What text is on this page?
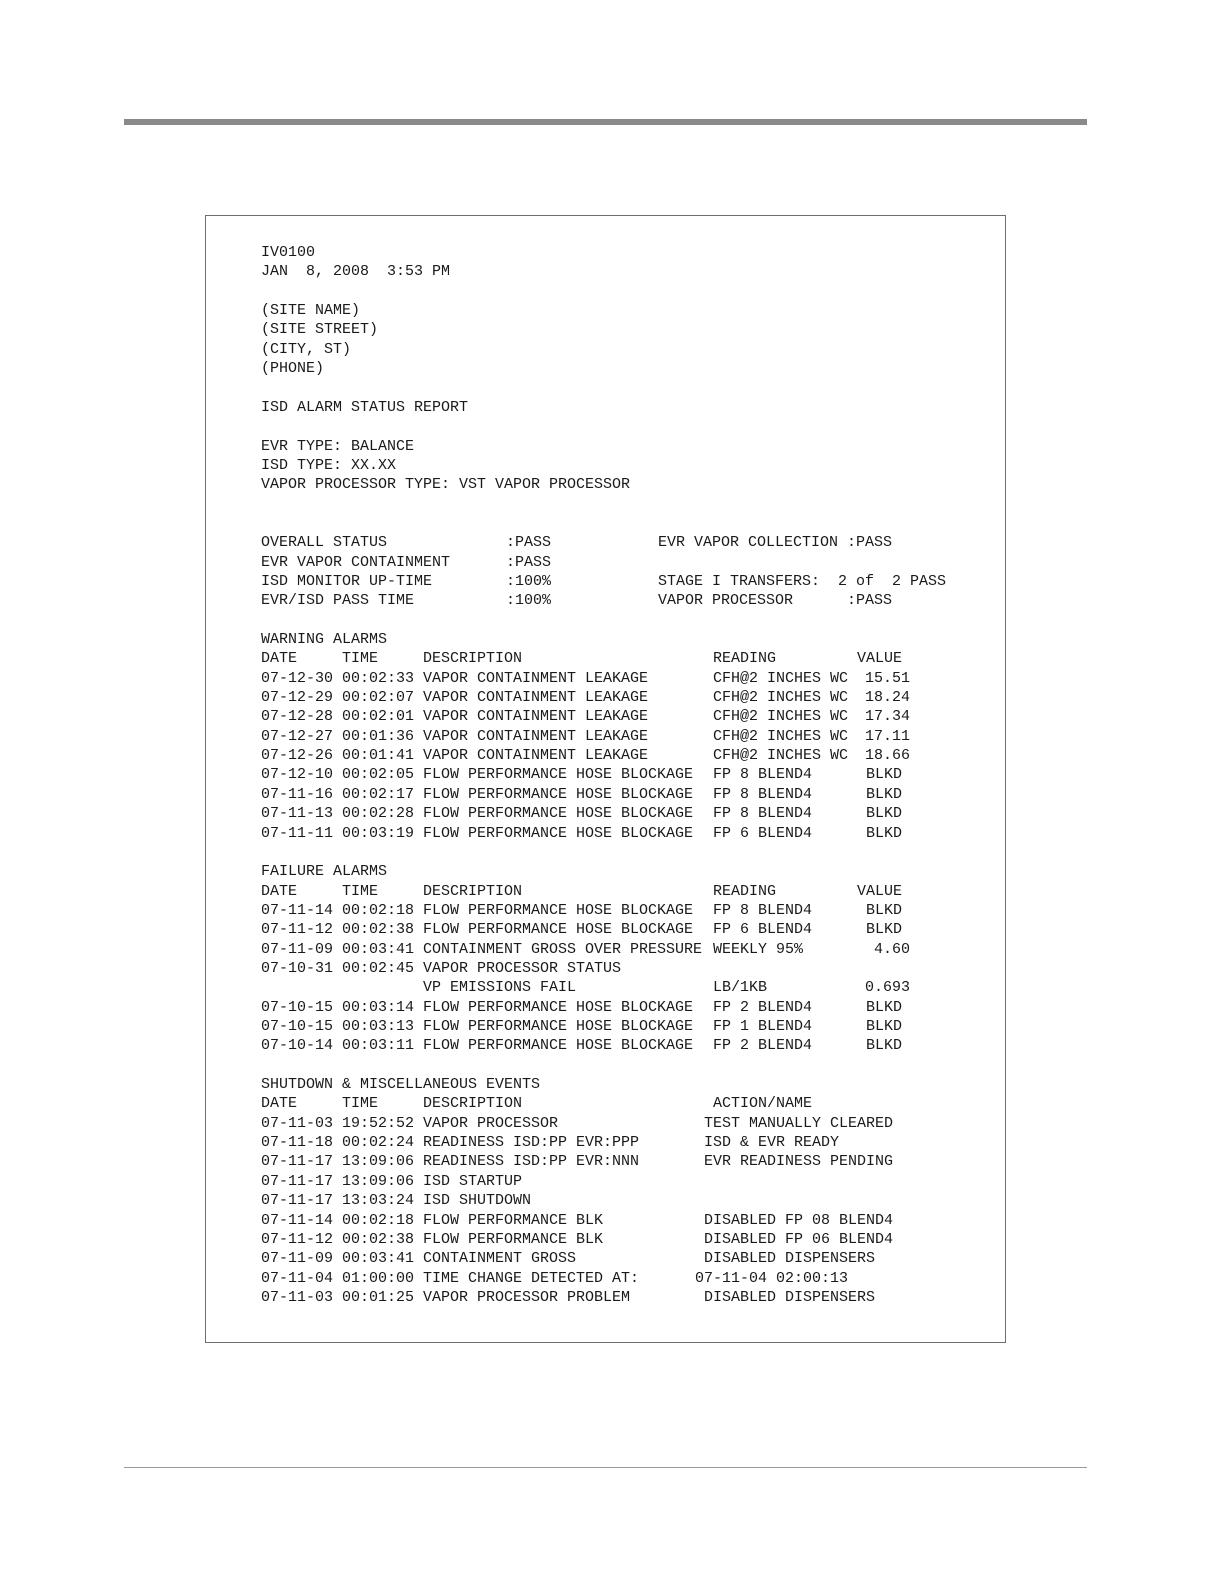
IV0100
JAN  8, 2008  3:53 PM
(SITE NAME)
(SITE STREET)
(CITY, ST)
(PHONE)
ISD ALARM STATUS REPORT
EVR TYPE: BALANCE
ISD TYPE: XX.XX
VAPOR PROCESSOR TYPE: VST VAPOR PROCESSOR
OVERALL STATUS	:PASS	EVR VAPOR COLLECTION :PASS
EVR VAPOR CONTAINMENT	:PASS
ISD MONITOR UP-TIME	:100%	STAGE I TRANSFERS:  2 of  2 PASS
EVR/ISD PASS TIME	:100%	VAPOR PROCESSOR      :PASS
WARNING ALARMS
DATE	TIME	DESCRIPTION	READING	VALUE
07-12-30 00:02:33 VAPOR CONTAINMENT LEAKAGE	CFH@2 INCHES WC 15.51
07-12-29 00:02:07 VAPOR CONTAINMENT LEAKAGE	CFH@2 INCHES WC 18.24
07-12-28 00:02:01 VAPOR CONTAINMENT LEAKAGE	CFH@2 INCHES WC 17.34
07-12-27 00:01:36 VAPOR CONTAINMENT LEAKAGE	CFH@2 INCHES WC 17.11
07-12-26 00:01:41 VAPOR CONTAINMENT LEAKAGE	CFH@2 INCHES WC 18.66
07-12-10 00:02:05 FLOW PERFORMANCE HOSE BLOCKAGE FP 8 BLEND4	BLKD
07-11-16 00:02:17 FLOW PERFORMANCE HOSE BLOCKAGE FP 8 BLEND4	BLKD
07-11-13 00:02:28 FLOW PERFORMANCE HOSE BLOCKAGE FP 8 BLEND4	BLKD
07-11-11 00:03:19 FLOW PERFORMANCE HOSE BLOCKAGE FP 6 BLEND4	BLKD
FAILURE ALARMS
DATE	TIME	DESCRIPTION	READING	VALUE
07-11-14 00:02:18 FLOW PERFORMANCE HOSE BLOCKAGE FP 8 BLEND4	BLKD
07-11-12 00:02:38 FLOW PERFORMANCE HOSE BLOCKAGE FP 6 BLEND4	BLKD
07-11-09 00:03:41 CONTAINMENT GROSS OVER PRESSURE WEEKLY 95%	4.60
07-10-31 00:02:45 VAPOR PROCESSOR STATUS
VP EMISSIONS FAIL	LB/1KB	0.693
07-10-15 00:03:14 FLOW PERFORMANCE HOSE BLOCKAGE FP 2 BLEND4	BLKD
07-10-15 00:03:13 FLOW PERFORMANCE HOSE BLOCKAGE FP 1 BLEND4	BLKD
07-10-14 00:03:11 FLOW PERFORMANCE HOSE BLOCKAGE FP 2 BLEND4	BLKD
SHUTDOWN & MISCELLANEOUS EVENTS
DATE	TIME	DESCRIPTION	ACTION/NAME
07-11-03 19:52:52 VAPOR PROCESSOR	TEST MANUALLY CLEARED
07-11-18 00:02:24 READINESS ISD:PP EVR:PPP	ISD & EVR READY
07-11-17 13:09:06 READINESS ISD:PP EVR:NNN	EVR READINESS PENDING
07-11-17 13:09:06 ISD STARTUP
07-11-17 13:03:24 ISD SHUTDOWN
07-11-14 00:02:18 FLOW PERFORMANCE BLK	DISABLED FP 08 BLEND4
07-11-12 00:02:38 FLOW PERFORMANCE BLK	DISABLED FP 06 BLEND4
07-11-09 00:03:41 CONTAINMENT GROSS	DISABLED DISPENSERS
07-11-04 01:00:00 TIME CHANGE DETECTED AT:	07-11-04 02:00:13
07-11-03 00:01:25 VAPOR PROCESSOR PROBLEM	DISABLED DISPENSERS
